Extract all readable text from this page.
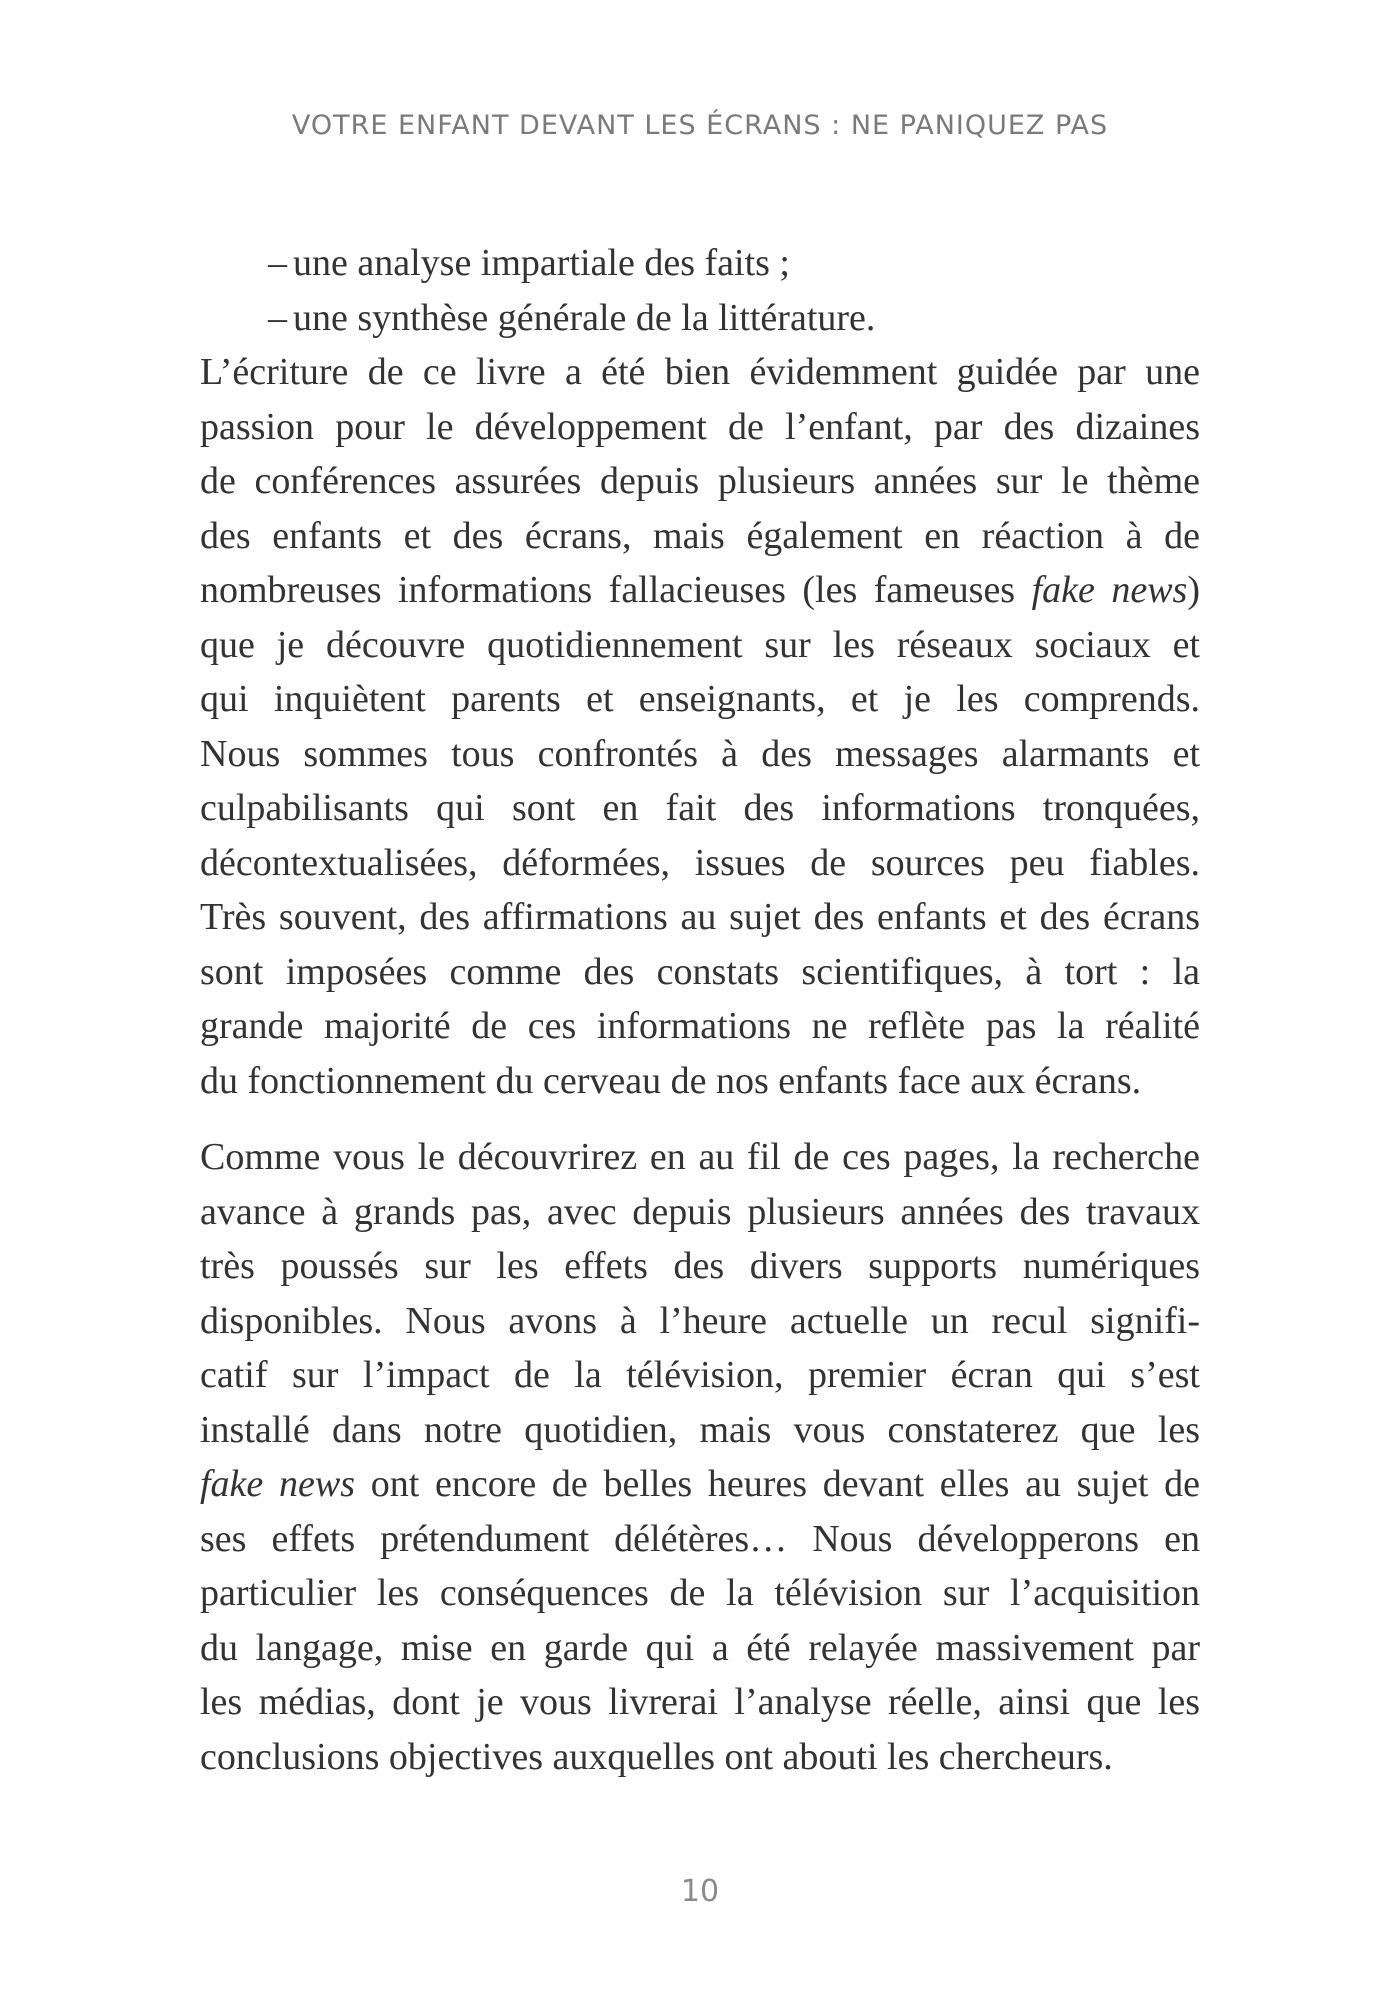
VOTRE ENFANT DEVANT LES ÉCRANS : NE PANIQUEZ PAS

– une analyse impartiale des faits ;

– une synthèse générale de la littérature.

L’écriture de ce livre a été bien évidemment guidée par une
passion pour le développement de l’enfant, par des dizaines
de conférences assurées depuis plusieurs années sur le thème
des enfants et des écrans, mais également en réaction à de
nombreuses informations fallacieuses (les fameuses fake news)
que je découvre quotidiennement sur les réseaux sociaux et
qui inquiètent parents et enseignants, et je les comprends.
Nous sommes tous confrontés à des messages alarmants et
culpabilisants qui sont en fait des informations tronquées,
décontextualisées, déformées, issues de sources peu fiables.
Très souvent, des affirmations au sujet des enfants et des écrans
sont imposées comme des constats scientifiques, à tort : la
grande majorité de ces informations ne reflète pas la réalité
du fonctionnement du cerveau de nos enfants face aux écrans.

Comme vous le découvrirez en au fil de ces pages, la recherche
avance à grands pas, avec depuis plusieurs années des travaux
très poussés sur les effets des divers supports numériques
disponibles. Nous avons à l’heure actuelle un recul signifi-
catif sur l’impact de la télévision, premier écran qui s’est
installé dans notre quotidien, mais vous constaterez que les
fake news ont encore de belles heures devant elles au sujet de
ses effets prétendument délétères… Nous développerons en
particulier les conséquences de la télévision sur l’acquisition
du langage, mise en garde qui a été relayée massivement par
les médias, dont je vous livrerai l’analyse réelle, ainsi que les
conclusions objectives auxquelles ont abouti les chercheurs.

10
